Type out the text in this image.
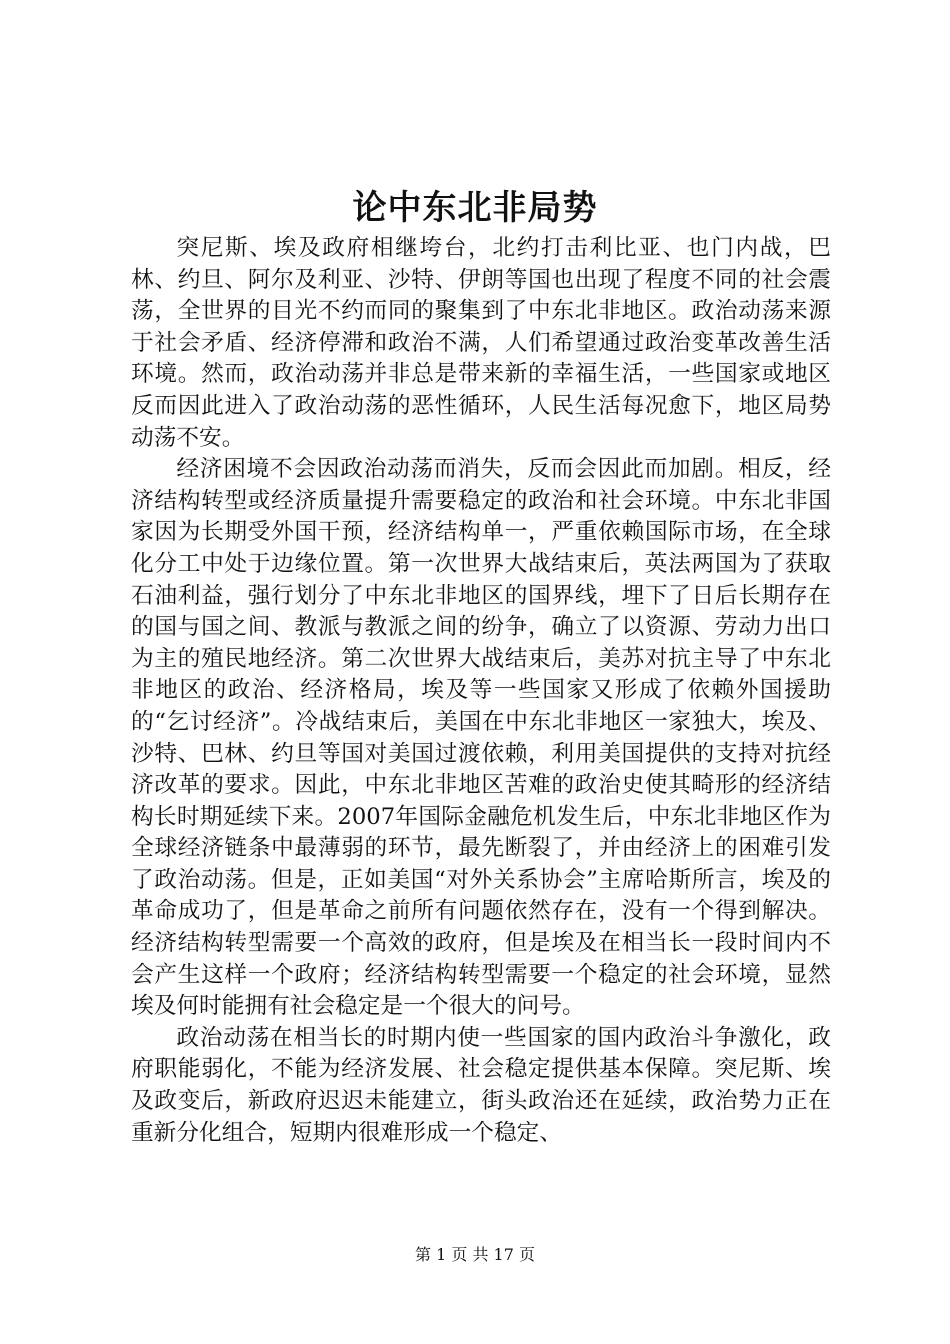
论中东北非局势

突尼斯、埃及政府相继垮台，北约打击利比亚、也门内战，巴林、约旦、阿尔及利亚、沙特、伊朗等国也出现了程度不同的社会震荡，全世界的目光不约而同的聚集到了中东北非地区。政治动荡来源于社会矛盾、经济停滞和政治不满，人们希望通过政治变革改善生活环境。然而，政治动荡并非总是带来新的幸福生活，一些国家或地区反而因此进入了政治动荡的恶性循环，人民生活每况愈下，地区局势动荡不安。

经济困境不会因政治动荡而消失，反而会因此而加剧。相反，经济结构转型或经济质量提升需要稳定的政治和社会环境。中东北非国家因为长期受外国干预，经济结构单一，严重依赖国际市场，在全球化分工中处于边缘位置。第一次世界大战结束后，英法两国为了获取石油利益，强行划分了中东北非地区的国界线，埋下了日后长期存在的国与国之间、教派与教派之间的纷争，确立了以资源、劳动力出口为主的殖民地经济。第二次世界大战结束后，美苏对抗主导了中东北非地区的政治、经济格局，埃及等一些国家又形成了依赖外国援助的“乞讨经济”。冷战结束后，美国在中东北非地区一家独大，埃及、沙特、巴林、约旦等国对美国过渡依赖，利用美国提供的支持对抗经济改革的要求。因此，中东北非地区苦难的政治史使其畸形的经济结构长时期延续下来。2007年国际金融危机发生后，中东北非地区作为全球经济链条中最薄弱的环节，最先断裂了，并由经济上的困难引发了政治动荡。但是，正如美国“对外关系协会”主席哈斯所言，埃及的革命成功了，但是革命之前所有问题依然存在，没有一个得到解决。经济结构转型需要一个高效的政府，但是埃及在相当长一段时间内不会产生这样一个政府；经济结构转型需要一个稳定的社会环境，显然埃及何时能拥有社会稳定是一个很大的问号。

政治动荡在相当长的时期内使一些国家的国内政治斗争激化，政府职能弱化，不能为经济发展、社会稳定提供基本保障。突尼斯、埃及政变后，新政府迟迟未能建立，街头政治还在延续，政治势力正在重新分化组合，短期内很难形成一个稳定、

第 1 页 共 17 页
